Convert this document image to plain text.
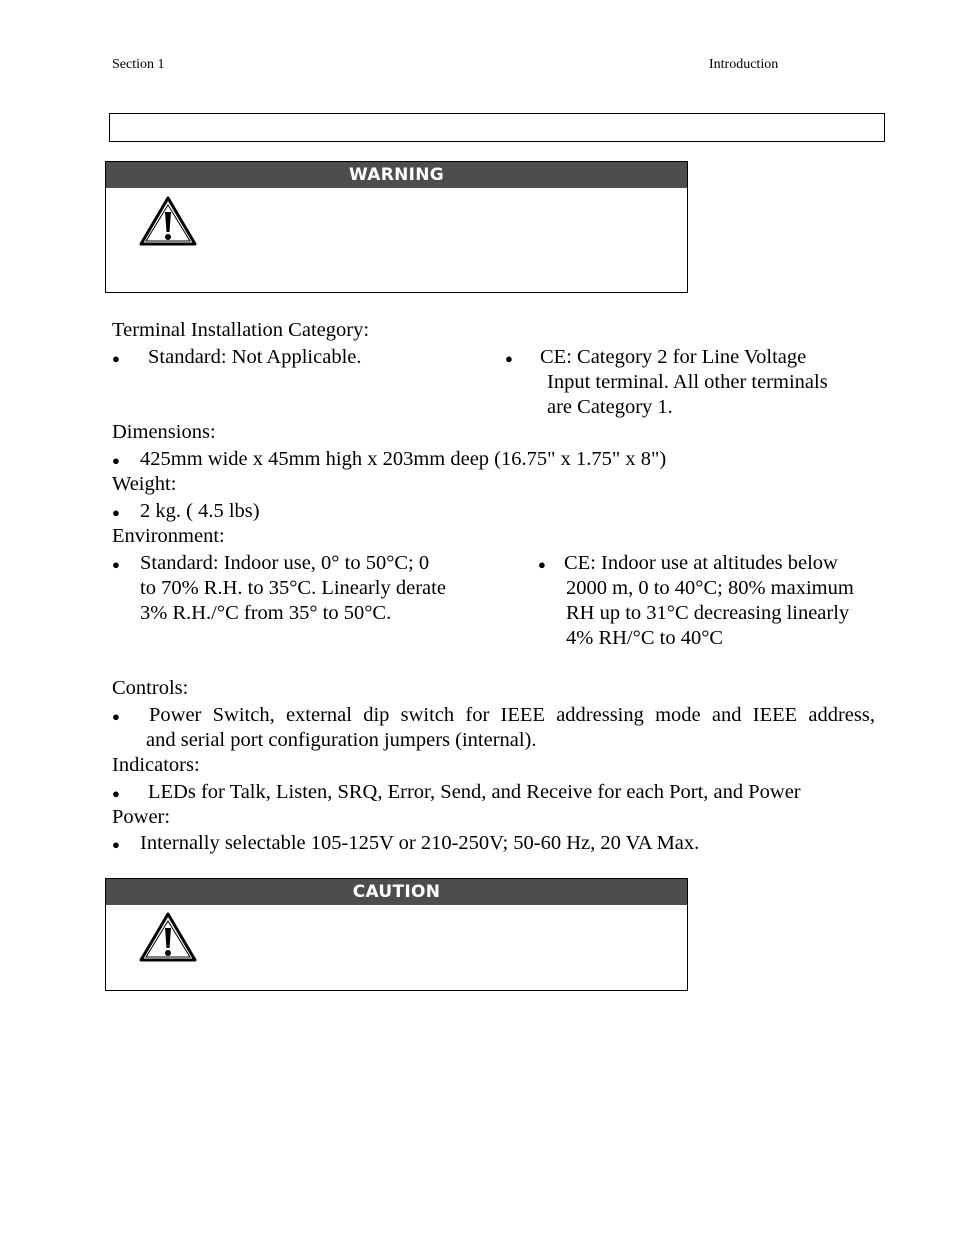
Section 1	Introduction
WARNING
Terminal Installation Category:
● Standard: Not Applicable.	● CE: Category 2 for Line Voltage
Input terminal. All other terminals
are Category 1.
Dimensions:
● 425mm wide x 45mm high x 203mm deep (16.75" x 1.75" x 8")
Weight:
● 2 kg. ( 4.5 lbs)
Environment:
● Standard: Indoor use, 0° to 50°C; 0
to 70% R.H. to 35°C. Linearly derate
3% R.H./°C from 35° to 50°C.
● CE: Indoor use at altitudes below
2000 m, 0 to 40°C; 80% maximum
RH up to 31°C decreasing linearly
4% RH/°C to 40°C
Controls:
● Power Switch, external dip switch for IEEE addressing mode and IEEE address,
and serial port configuration jumpers (internal).
Indicators:
● LEDs for Talk, Listen, SRQ, Error, Send, and Receive for each Port, and Power
Power:
● Internally selectable 105-125V or 210-250V; 50-60 Hz, 20 VA Max.
CAUTION
